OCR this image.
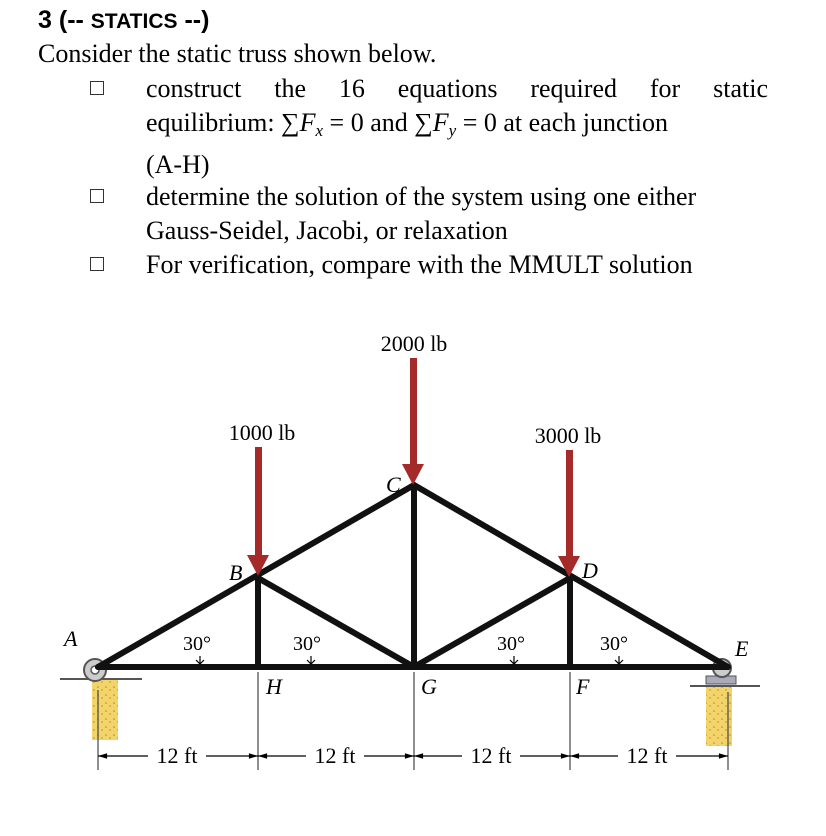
3 (-- STATICS --)
Consider the static truss shown below.
construct the 16 equations required for static
equilibrium: $\sum F_x = 0$ and $\sum F_y = 0$ at each junction
(A-H)
determine the solution of the system using one either
Gauss-Seidel, Jacobi, or relaxation
For verification, compare with the MMULT solution
1000 lb
2000 lb
3000 lb
A
B
C
D
E
F
G
H
30°	30°	30°	30°
12 ft	12 ft	12 ft	12 ft
